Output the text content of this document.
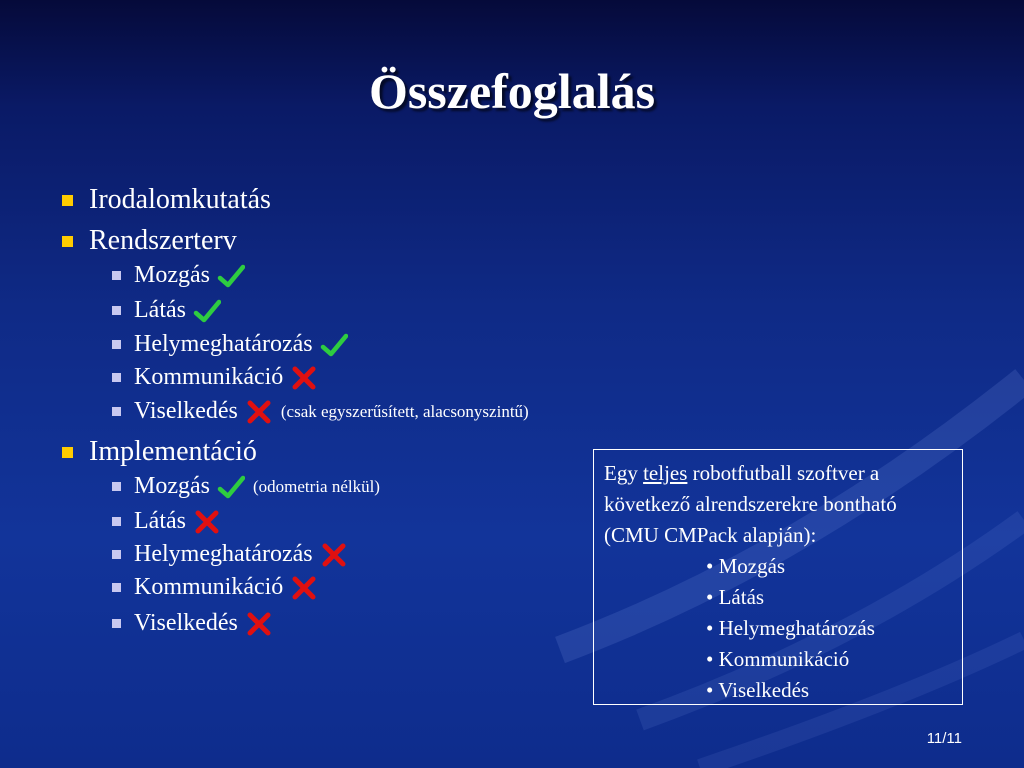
Összefoglalás
Irodalomkutatás
Rendszerterv
Mozgás
Látás
Helymeghatározás
Kommunikáció
Viselkedés	(csak egyszerűsített, alacsonyszintű)
Implementáció
Mozgás	(odometria nélkül)
Látás
Helymeghatározás
Kommunikáció
Viselkedés
Egy teljes robotfutball szoftver a
következő alrendszerekre bontható
(CMU CMPack alapján):
• Mozgás
• Látás
• Helymeghatározás
• Kommunikáció
• Viselkedés
11/11
